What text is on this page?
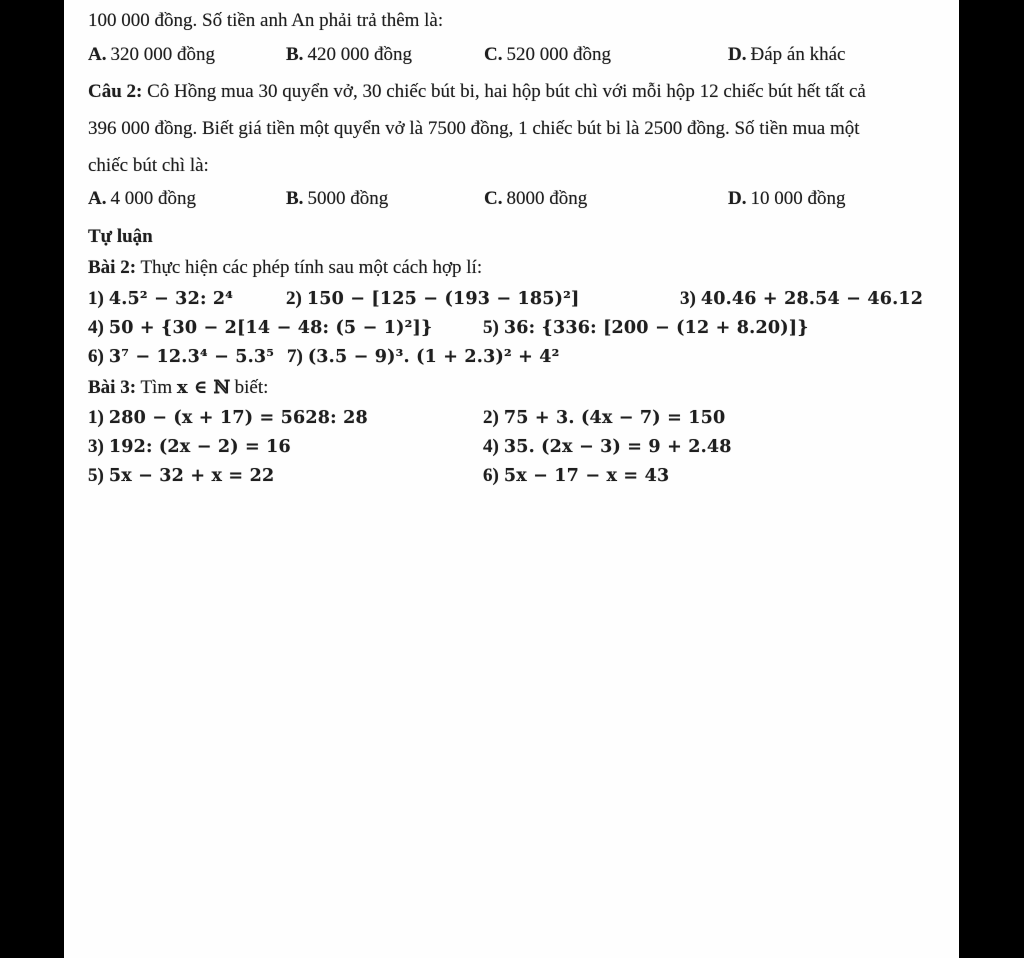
100 000 đồng. Số tiền anh An phải trả thêm là:
A. 320 000 đồng	B. 420 000 đồng	C. 520 000 đồng	D. Đáp án khác
Câu 2: Cô Hồng mua 30 quyển vở, 30 chiếc bút bi, hai hộp bút chì với mỗi hộp 12 chiếc bút hết tất cả
396 000 đồng. Biết giá tiền một quyển vở là 7500 đồng, 1 chiếc bút bi là 2500 đồng. Số tiền mua một
chiếc bút chì là:
A. 4 000 đồng	B. 5000 đồng	C. 8000 đồng	D. 10 000 đồng
Tự luận
Bài 2: Thực hiện các phép tính sau một cách hợp lí:
1) 4.5² − 32: 2⁴	2) 150 − [125 − (193 − 185)²]	3) 40.46 + 28.54 − 46.12
4) 50 + {30 − 2[14 − 48: (5 − 1)²]}	5) 36: {336: [200 − (12 + 8.20)]}
6) 3⁷ − 12.3⁴ − 5.3⁵ 7) (3.5 − 9)³. (1 + 2.3)² + 4²
Bài 3: Tìm x ∈ ℕ biết:
1) 280 − (x + 17) = 5628: 28	2) 75 + 3. (4x − 7) = 150
3) 192: (2x − 2) = 16	4) 35. (2x − 3) = 9 + 2.48
5) 5x − 32 + x = 22	6) 5x − 17 − x = 43
